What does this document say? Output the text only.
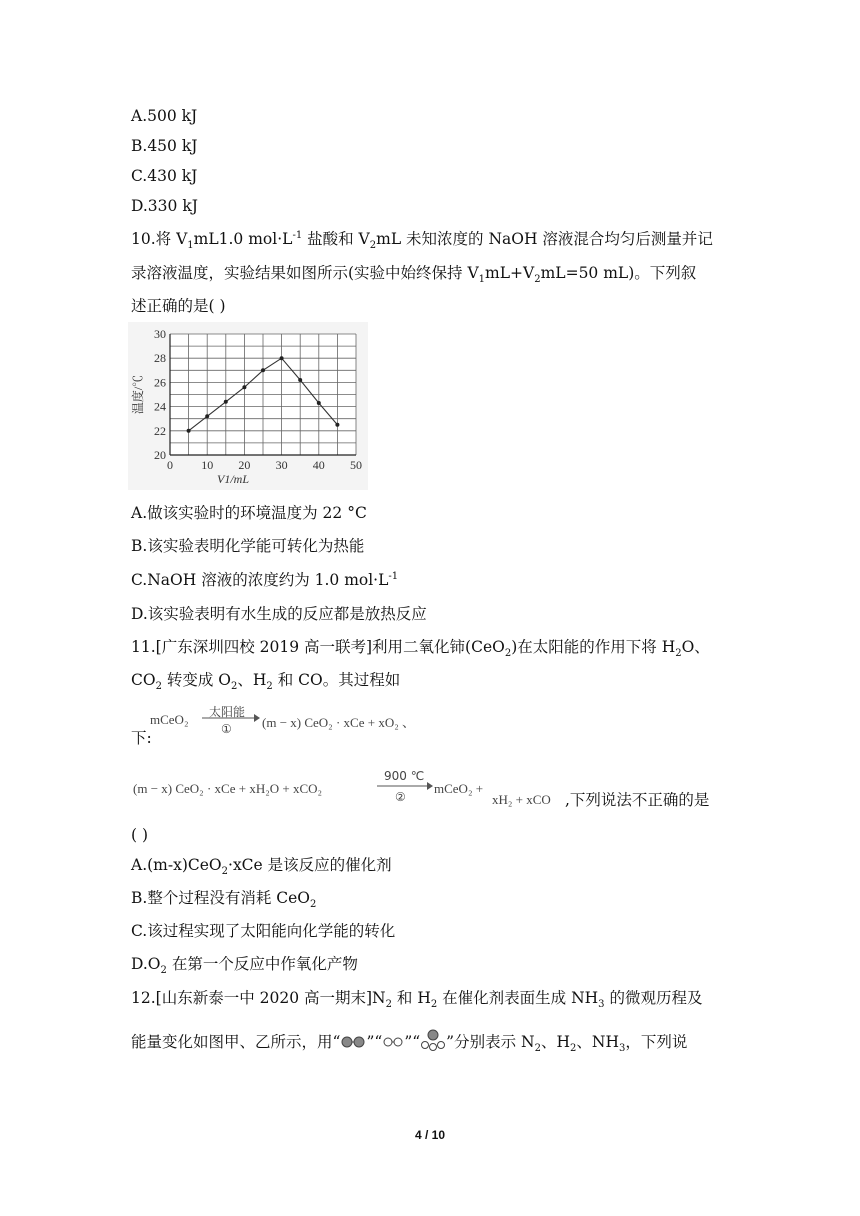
A.500 kJ
B.450 kJ
C.430 kJ
D.330 kJ
10.将 $V_1mL1.0$ $mol\cdot L^{-1}$ 盐酸和 $V_2mL$ 未知浓度的 NaOH 溶液混合均匀后测量并记
录溶液温度，实验结果如图所示(实验中始终保持 $V_1mL+V_2mL=50$ mL)。下列叙
述正确的是( )
0 10 20 30 40 50
20
22
24
26
28
30
V1/mL
温度/℃
A.做该实验时的环境温度为 22 °C
B.该实验表明化学能可转化为热能
C.NaOH 溶液的浓度约为 1.0 $mol\cdot L^{-1}$
D.该实验表明有水生成的反应都是放热反应
11.[广东深圳四校 2019 高一联考]利用二氧化铈(CeO$_2$)在太阳能的作用下将 $H_2O$、
$CO_2$ 转变成 $O_2$、$H_2$ 和 CO。其过程如
下:
mCeO₂ 太阳能
① (m − x) CeO₂ · xCe + xO₂ 、
(m − x) CeO₂ · xCe + xH₂O + xCO₂
900 ℃
②
mCeO₂ +
xH₂ + xCO ,下列说法不正确的是
( )
A.(m-x)CeO$_2$·xCe 是该反应的催化剂
B.整个过程没有消耗 CeO$_2$
C.该过程实现了太阳能向化学能的转化
$D.O_2$ 在第一个反应中作氧化产物
12.[山东新泰一中 2020 高一期末]$N_2$ 和 $H_2$ 在催化剂表面生成 $NH_3$ 的微观历程及
能量变化如图甲、乙所示，用“ ”“ ”“ ”分别表示 $N_2$、$H_2$、$NH_3$，下列说
4 / 10
